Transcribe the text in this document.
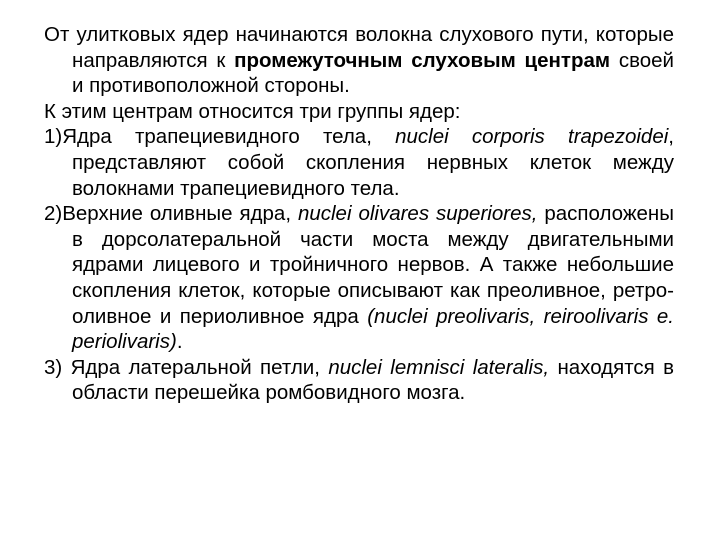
От улитковых ядер начинаются волокна слухового пути, которые направляются к промежуточным слуховым центрам своей и противоположной стороны.

К этим центрам относится три группы ядер:

1)Ядра трапециевидного тела, nuclei corporis trapezoidei, представляют собой скопления нервных клеток между волокнами трапециевидного тела.

2)Верхние оливные ядра, nuclei olivares superiores, расположены в дорсолатеральной части моста между двигательными ядрами лицевого и тройничного нервов. А также небольшие скопления клеток, которые описывают как преоливное, ретро-оливное и периоливное ядра (nuclei preolivaris, reiroolivaris e. periolivaris).

3) Ядра латеральной петли, nuclei lemnisci lateralis, находятся в области перешейка ромбовидного мозга.
